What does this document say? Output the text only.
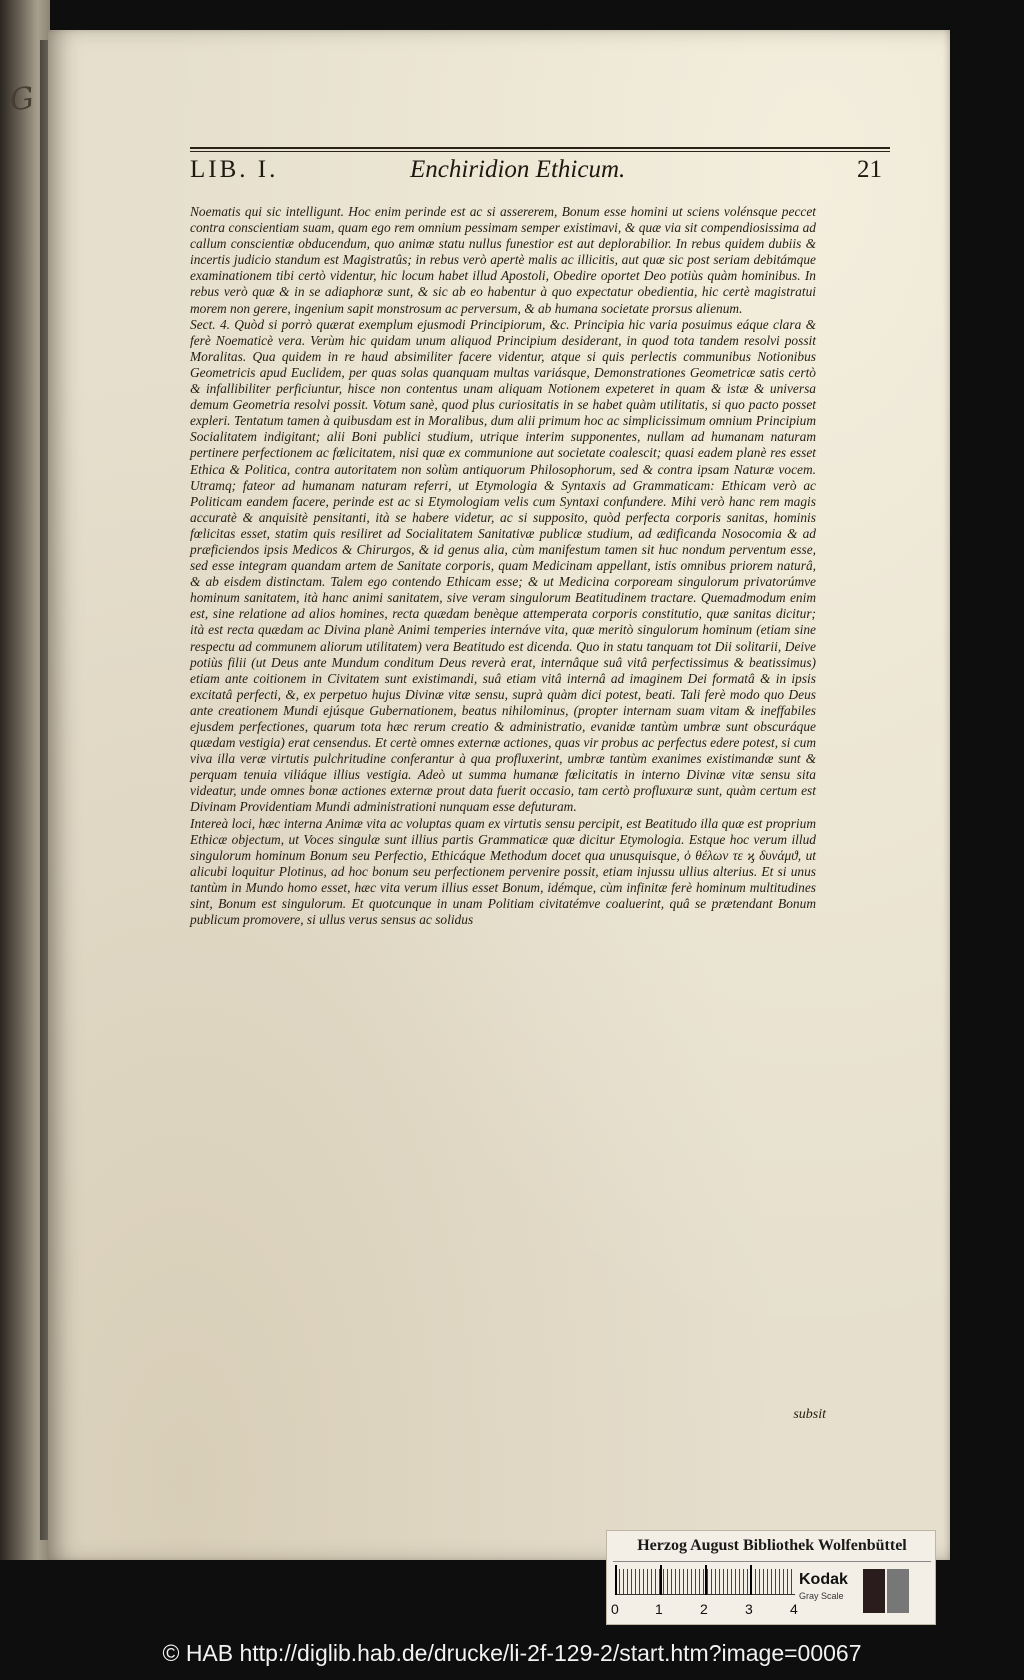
G
LIB. I.	Enchiridion Ethicum.	21

Noematis qui sic intelligunt. Hoc enim perinde est ac si assererem, Bonum esse homini ut sciens volénsque peccet contra conscientiam suam, quam ego rem omnium pessimam semper existimavi, & quæ via sit compendiosissima ad callum conscientiæ obducendum, quo animæ statu nullus funestior est aut deplorabilior. In rebus quidem dubiis & incertis judicio standum est Magistratûs; in rebus verò apertè malis ac illicitis, aut quæ sic post seriam debitámque examinationem tibi certò videntur, hic locum habet illud Apostoli, Obedire oportet Deo potiùs quàm hominibus. In rebus verò quæ & in se adiaphoræ sunt, & sic ab eo habentur à quo expectatur obedientia, hic certè magistratui morem non gerere, ingenium sapit monstrosum ac perversum, & ab humana societate prorsus alienum.

Sect. 4. Quòd si porrò quærat exemplum ejusmodi Principiorum, &c. Principia hic varia posuimus eáque clara & ferè Noematicè vera. Verùm hic quidam unum aliquod Principium desiderant, in quod tota tandem resolvi possit Moralitas. Qua quidem in re haud absimiliter facere videntur, atque si quis perlectis communibus Notionibus Geometricis apud Euclidem, per quas solas quanquam multas variásque, Demonstrationes Geometricæ satis certò & infallibiliter perficiuntur, hisce non contentus unam aliquam Notionem expeteret in quam & istæ & universa demum Geometria resolvi possit. Votum sanè, quod plus curiositatis in se habet quàm utilitatis, si quo pacto posset expleri. Tentatum tamen à quibusdam est in Moralibus, dum alii primum hoc ac simplicissimum omnium Principium Socialitatem indigitant; alii Boni publici studium, utrique interim supponentes, nullam ad humanam naturam pertinere perfectionem ac fœlicitatem, nisi quæ ex communione aut societate coalescit; quasi eadem planè res esset Ethica & Politica, contra autoritatem non solùm antiquorum Philosophorum, sed & contra ipsam Naturæ vocem. Utramq; fateor ad humanam naturam referri, ut Etymologia & Syntaxis ad Grammaticam: Ethicam verò ac Politicam eandem facere, perinde est ac si Etymologiam velis cum Syntaxi confundere. Mihi verò hanc rem magis accuratè & anquisitè pensitanti, ità se habere videtur, ac si supposito, quòd perfecta corporis sanitas, hominis fœlicitas esset, statim quis resiliret ad Socialitatem Sanitativæ publicæ studium, ad ædificanda Nosocomia & ad præficiendos ipsis Medicos & Chirurgos, & id genus alia, cùm manifestum tamen sit huc nondum perventum esse, sed esse integram quandam artem de Sanitate corporis, quam Medicinam appellant, istis omnibus priorem naturâ, & ab eisdem distinctam. Talem ego contendo Ethicam esse; & ut Medicina corpoream singulorum privatorúmve hominum sanitatem, ità hanc animi sanitatem, sive veram singulorum Beatitudinem tractare. Quemadmodum enim est, sine relatione ad alios homines, recta quædam benèque attemperata corporis constitutio, quæ sanitas dicitur; ità est recta quædam ac Divina planè Animi temperies internáve vita, quæ meritò singulorum hominum (etiam sine respectu ad communem aliorum utilitatem) vera Beatitudo est dicenda. Quo in statu tanquam tot Dii solitarii, Deive potiùs filii (ut Deus ante Mundum conditum Deus reverà erat, internâque suâ vitâ perfectissimus & beatissimus) etiam ante coitionem in Civitatem sunt existimandi, suâ etiam vitâ internâ ad imaginem Dei formatâ & in ipsis excitatâ perfecti, &, ex perpetuo hujus Divinæ vitæ sensu, suprà quàm dici potest, beati. Tali ferè modo quo Deus ante creationem Mundi ejúsque Gubernationem, beatus nihilominus, (propter internam suam vitam & ineffabiles ejusdem perfectiones, quarum tota hæc rerum creatio & administratio, evanidæ tantùm umbræ sunt obscuráque quædam vestigia) erat censendus. Et certè omnes externæ actiones, quas vir probus ac perfectus edere potest, si cum viva illa veræ virtutis pulchritudine conferantur à qua profluxerint, umbræ tantùm exanimes existimandæ sunt & perquam tenuia viliáque illius vestigia. Adeò ut summa humanæ fœlicitatis in interno Divinæ vitæ sensu sita videatur, unde omnes bonæ actiones externæ prout data fuerit occasio, tam certò profluxuræ sunt, quàm certum est Divinam Providentiam Mundi administrationi nunquam esse defuturam.

Intereà loci, hæc interna Animæ vita ac voluptas quam ex virtutis sensu percipit, est Beatitudo illa quæ est proprium Ethicæ objectum, ut Voces singulæ sunt illius partis Grammaticæ quæ dicitur Etymologia. Estque hoc verum illud singulorum hominum Bonum seu Perfectio, Ethicáque Methodum docet qua unusquisque, ὁ θέλων τε ϗ δυνάμϑ, ut alicubi loquitur Plotinus, ad hoc bonum seu perfectionem pervenire possit, etiam injussu ullius alterius. Et si unus tantùm in Mundo homo esset, hæc vita verum illius esset Bonum, idémque, cùm infinitæ ferè hominum multitudines sint, Bonum est singulorum. Et quotcunque in unam Politiam civitatémve coaluerint, quâ se prætendant Bonum publicum promovere, si ullus verus sensus ac solidus

subsit
Herzog August Bibliothek Wolfenbüttel
0	1	2	3	4
Kodak
Gray Scale
© HAB http://diglib.hab.de/drucke/li-2f-129-2/start.htm?image=00067
